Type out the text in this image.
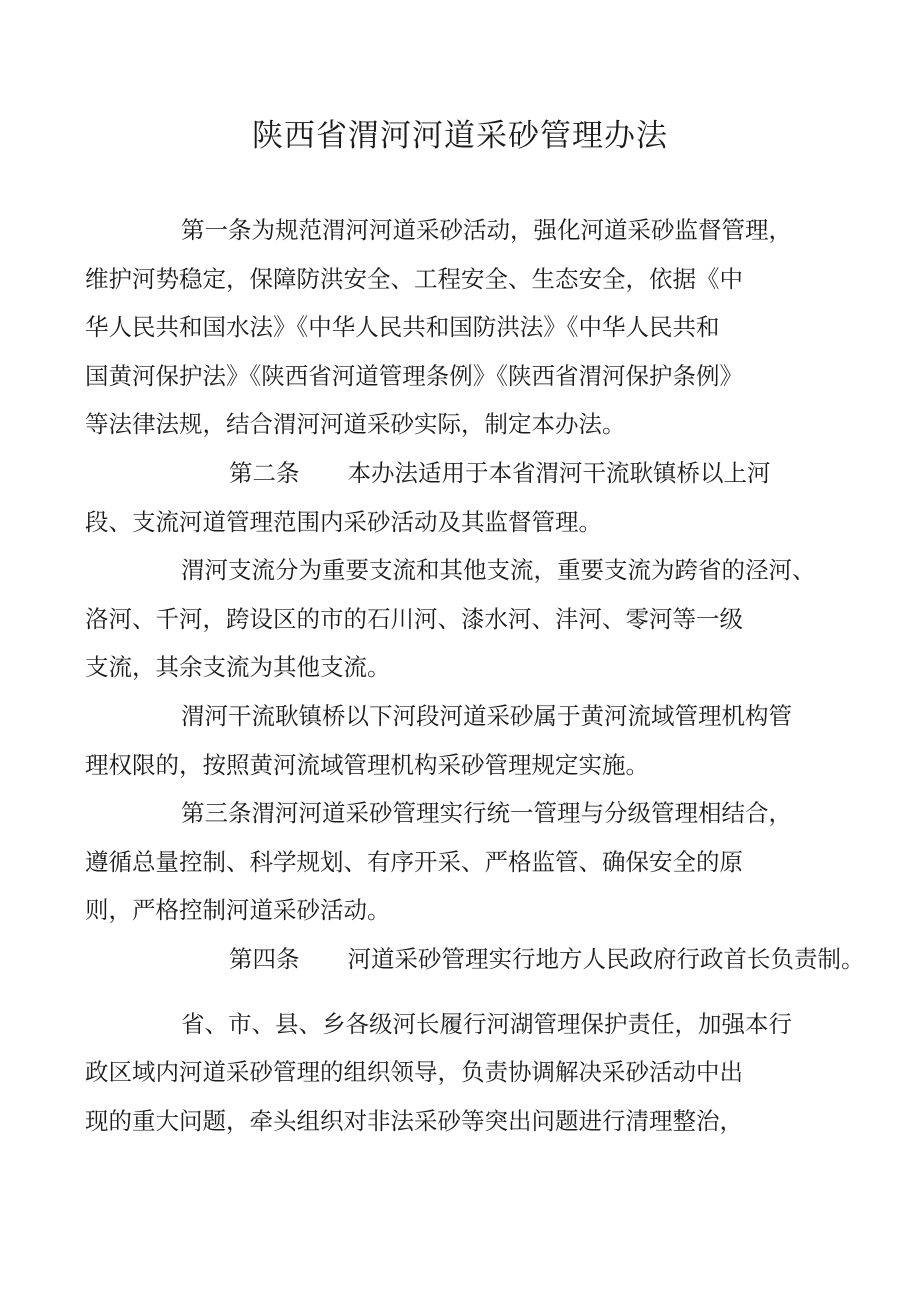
陕西省渭河河道采砂管理办法

第一条为规范渭河河道采砂活动，强化河道采砂监督管理，
维护河势稳定，保障防洪安全、工程安全、生态安全，依据《中
华人民共和国水法》《中华人民共和国防洪法》《中华人民共和
国黄河保护法》《陕西省河道管理条例》《陕西省渭河保护条例》
等法律法规，结合渭河河道采砂实际，制定本办法。

第二条 本办法适用于本省渭河干流耿镇桥以上河
段、支流河道管理范围内采砂活动及其监督管理。

渭河支流分为重要支流和其他支流，重要支流为跨省的泾河、
洛河、千河，跨设区的市的石川河、漆水河、沣河、零河等一级
支流，其余支流为其他支流。

渭河干流耿镇桥以下河段河道采砂属于黄河流域管理机构管
理权限的，按照黄河流域管理机构采砂管理规定实施。

第三条渭河河道采砂管理实行统一管理与分级管理相结合，
遵循总量控制、科学规划、有序开采、严格监管、确保安全的原
则，严格控制河道采砂活动。

第四条 河道采砂管理实行地方人民政府行政首长负责制。

省、市、县、乡各级河长履行河湖管理保护责任，加强本行
政区域内河道采砂管理的组织领导，负责协调解决采砂活动中出
现的重大问题，牵头组织对非法采砂等突出问题进行清理整治，
